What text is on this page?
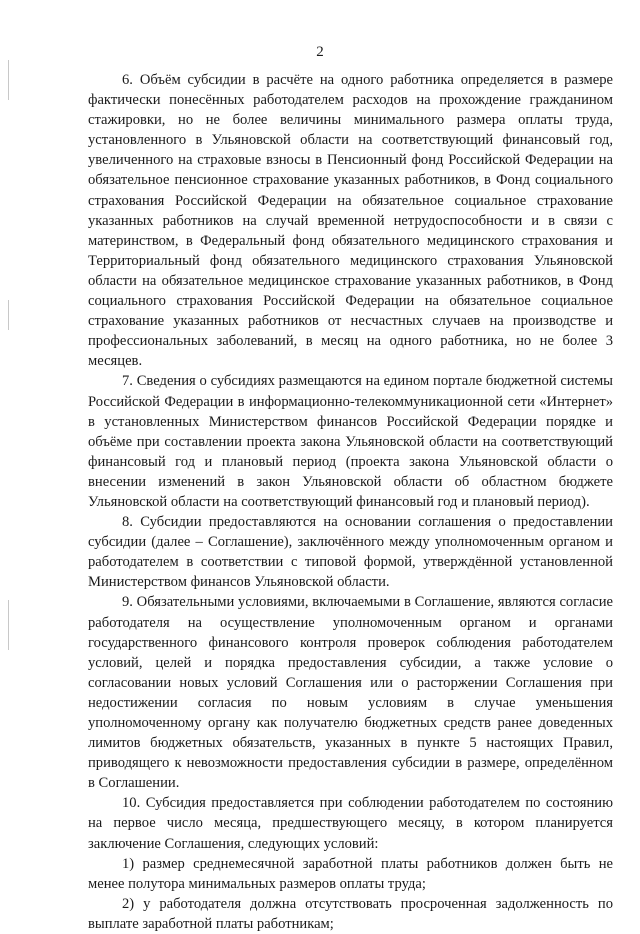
2

6. Объём субсидии в расчёте на одного работника определяется в размере фактически понесённых работодателем расходов на прохождение гражданином стажировки, но не более величины минимального размера оплаты труда, установленного в Ульяновской области на соответствующий финансовый год, увеличенного на страховые взносы в Пенсионный фонд Российской Федерации на обязательное пенсионное страхование указанных работников, в Фонд социального страхования Российской Федерации на обязательное социальное страхование указанных работников на случай временной нетрудоспособности и в связи с материнством, в Федеральный фонд обязательного медицинского страхования и Территориальный фонд обязательного медицинского страхования Ульяновской области на обязательное медицинское страхование указанных работников, в Фонд социального страхования Российской Федерации на обязательное социальное страхование указанных работников от несчастных случаев на производстве и профессиональных заболеваний, в месяц на одного работника, но не более 3 месяцев.

7. Сведения о субсидиях размещаются на едином портале бюджетной системы Российской Федерации в информационно-телекоммуникационной сети «Интернет» в установленных Министерством финансов Российской Федерации порядке и объёме при составлении проекта закона Ульяновской области на соответствующий финансовый год и плановый период (проекта закона Ульяновской области о внесении изменений в закон Ульяновской области об областном бюджете Ульяновской области на соответствующий финансовый год и плановый период).

8. Субсидии предоставляются на основании соглашения о предоставлении субсидии (далее – Соглашение), заключённого между уполномоченным органом и работодателем в соответствии с типовой формой, утверждённой установленной Министерством финансов Ульяновской области.

9. Обязательными условиями, включаемыми в Соглашение, являются согласие работодателя на осуществление уполномоченным органом и органами государственного финансового контроля проверок соблюдения работодателем условий, целей и порядка предоставления субсидии, а также условие о согласовании новых условий Соглашения или о расторжении Соглашения при недостижении согласия по новым условиям в случае уменьшения уполномоченному органу как получателю бюджетных средств ранее доведенных лимитов бюджетных обязательств, указанных в пункте 5 настоящих Правил, приводящего к невозможности предоставления субсидии в размере, определённом в Соглашении.

10. Субсидия предоставляется при соблюдении работодателем по состоянию на первое число месяца, предшествующего месяцу, в котором планируется заключение Соглашения, следующих условий:

1) размер среднемесячной заработной платы работников должен быть не менее полутора минимальных размеров оплаты труда;

2) у работодателя должна отсутствовать просроченная задолженность по выплате заработной платы работникам;
